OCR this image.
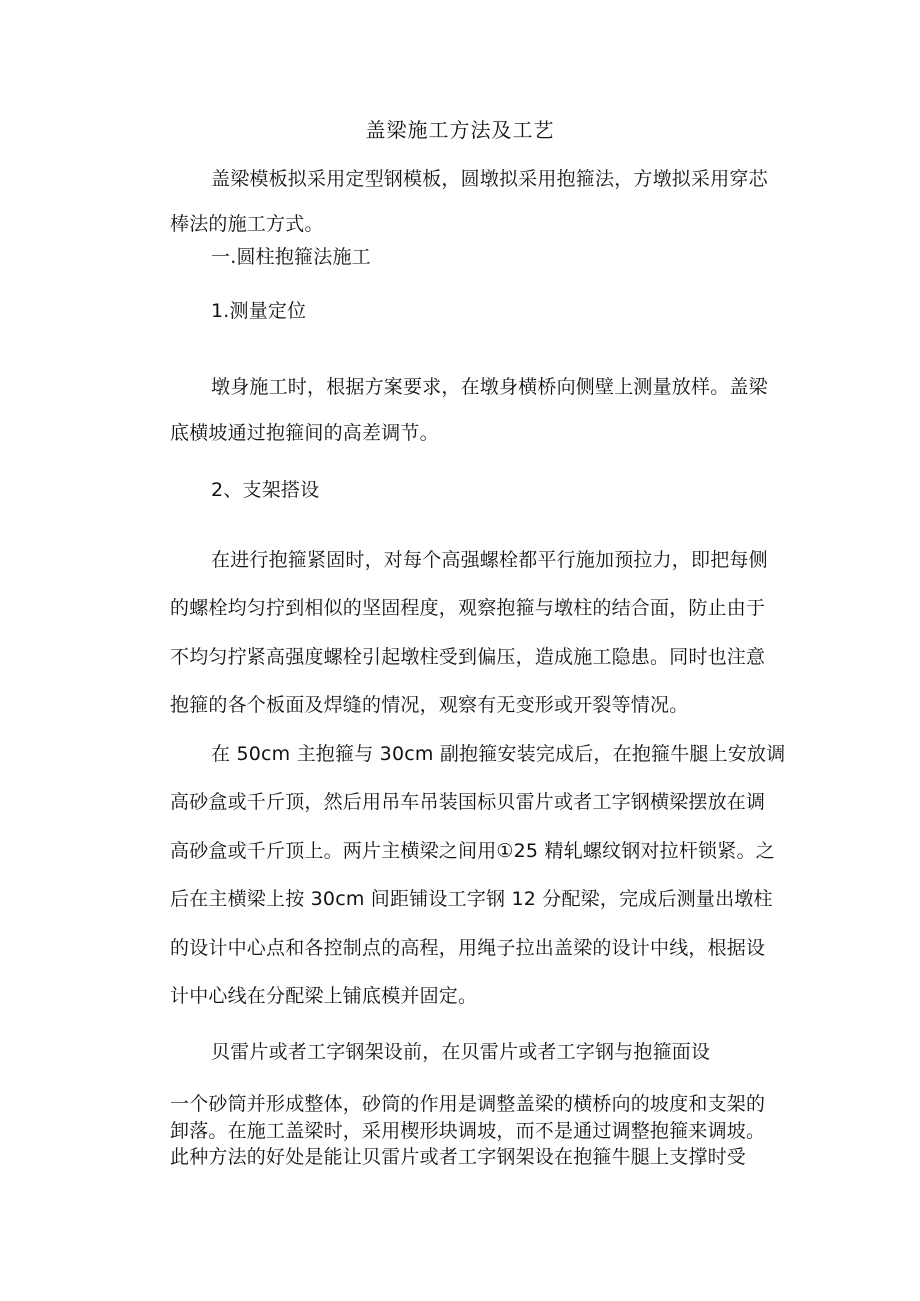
盖梁施工方法及工艺
盖梁模板拟采用定型钢模板，圆墩拟采用抱箍法，方墩拟采用穿芯
棒法的施工方式。
一.圆柱抱箍法施工
1.测量定位
墩身施工时，根据方案要求，在墩身横桥向侧壁上测量放样。盖梁
底横坡通过抱箍间的高差调节。
2、支架搭设
在进行抱箍紧固时，对每个高强螺栓都平行施加预拉力，即把每侧
的螺栓均匀拧到相似的坚固程度，观察抱箍与墩柱的结合面，防止由于
不均匀拧紧高强度螺栓引起墩柱受到偏压，造成施工隐患。同时也注意
抱箍的各个板面及焊缝的情况，观察有无变形或开裂等情况。
在 50cm 主抱箍与 30cm 副抱箍安装完成后，在抱箍牛腿上安放调
高砂盒或千斤顶，然后用吊车吊装国标贝雷片或者工字钢横梁摆放在调
高砂盒或千斤顶上。两片主横梁之间用①25 精轧螺纹钢对拉杆锁紧。之
后在主横梁上按 30cm 间距铺设工字钢 12 分配梁，完成后测量出墩柱
的设计中心点和各控制点的高程，用绳子拉出盖梁的设计中线，根据设
计中心线在分配梁上铺底模并固定。
贝雷片或者工字钢架设前，在贝雷片或者工字钢与抱箍面设
一个砂筒并形成整体，砂筒的作用是调整盖梁的横桥向的坡度和支架的
卸落。在施工盖梁时，采用楔形块调坡，而不是通过调整抱箍来调坡。
此种方法的好处是能让贝雷片或者工字钢架设在抱箍牛腿上支撑时受
